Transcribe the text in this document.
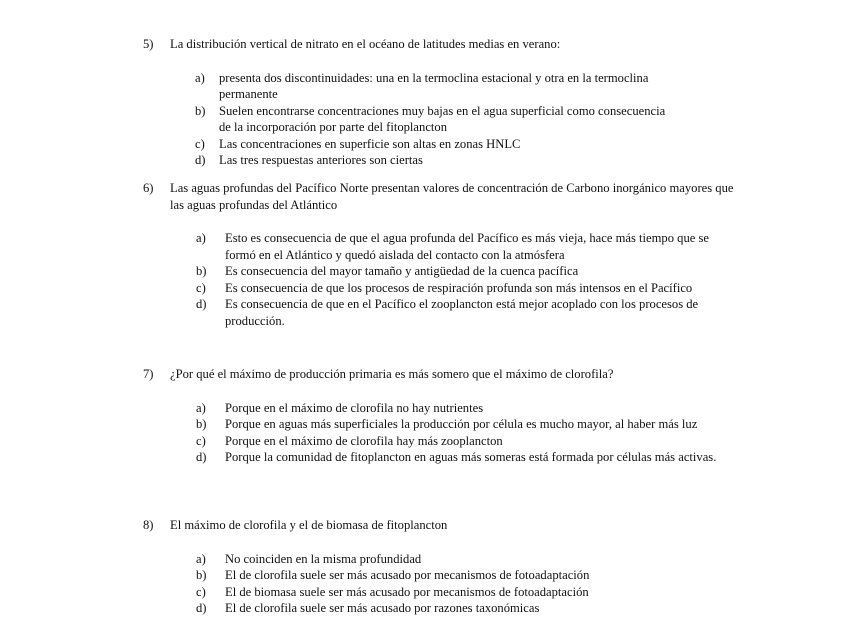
5) La distribución vertical de nitrato en el océano de latitudes medias en verano:
a) presenta dos discontinuidades: una en la termoclina estacional y otra en la termoclina permanente
b) Suelen encontrarse concentraciones muy bajas en el agua superficial como consecuencia de la incorporación por parte del fitoplancton
c) Las concentraciones en superficie son altas en zonas HNLC
d) Las tres respuestas anteriores son ciertas
6) Las aguas profundas del Pacífico Norte presentan valores de concentración de Carbono inorgánico mayores que las aguas profundas del Atlántico
a) Esto es consecuencia de que el agua profunda del Pacífico es más vieja, hace más tiempo que se formó en el Atlántico y quedó aislada del contacto con la atmósfera
b) Es consecuencia del mayor tamaño y antigüedad de la cuenca pacífica
c) Es consecuencia de que los procesos de respiración profunda son más intensos en el Pacífico
d) Es consecuencia de que en el Pacífico el zooplancton está mejor acoplado con los procesos de producción.
7) ¿Por qué el máximo de producción primaria es más somero que el máximo de clorofila?
a) Porque en el máximo de clorofila no hay nutrientes
b) Porque en aguas más superficiales la producción por célula es mucho mayor, al haber más luz
c) Porque en el máximo de clorofila hay más zooplancton
d) Porque la comunidad de fitoplancton en aguas más someras está formada por células más activas.
8) El máximo de clorofila y el de biomasa de fitoplancton
a) No coinciden en la misma profundidad
b) El de clorofila suele ser más acusado por mecanismos de fotoadaptación
c) El de biomasa suele ser más acusado por mecanismos de fotoadaptación
d) El de clorofila suele ser más acusado por razones taxonómicas
